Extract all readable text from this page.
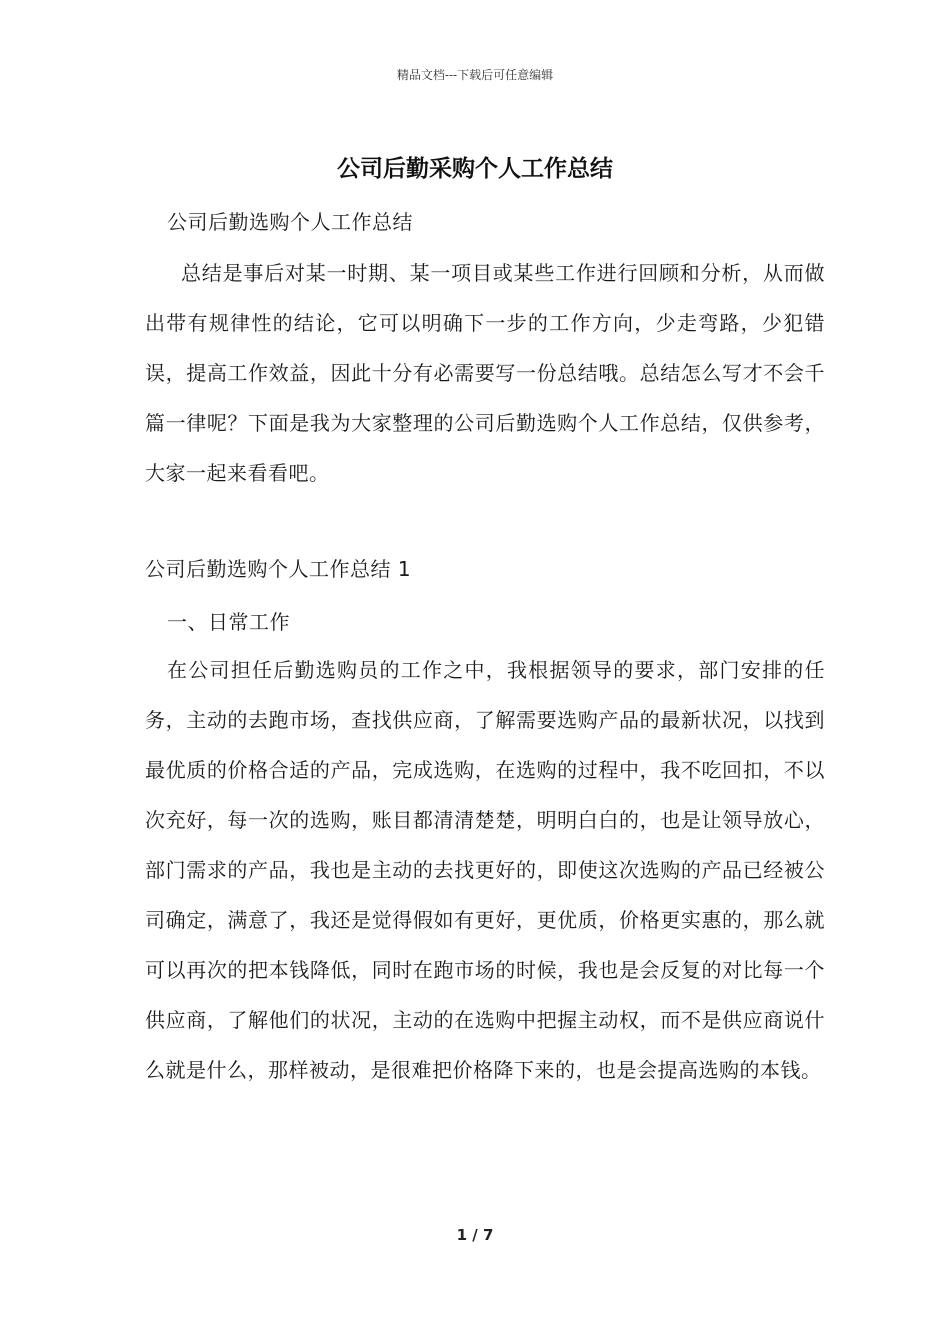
精品文档---下载后可任意编辑
公司后勤采购个人工作总结
公司后勤选购个人工作总结
总结是事后对某一时期、某一项目或某些工作进行回顾和分析，从而做出带有规律性的结论，它可以明确下一步的工作方向，少走弯路，少犯错误，提高工作效益，因此十分有必需要写一份总结哦。总结怎么写才不会千篇一律呢？下面是我为大家整理的公司后勤选购个人工作总结，仅供参考，大家一起来看看吧。
公司后勤选购个人工作总结 1
一、日常工作
在公司担任后勤选购员的工作之中，我根据领导的要求，部门安排的任务，主动的去跑市场，查找供应商，了解需要选购产品的最新状况，以找到最优质的价格合适的产品，完成选购，在选购的过程中，我不吃回扣，不以次充好，每一次的选购，账目都清清楚楚，明明白白的，也是让领导放心，部门需求的产品，我也是主动的去找更好的，即使这次选购的产品已经被公司确定，满意了，我还是觉得假如有更好，更优质，价格更实惠的，那么就可以再次的把本钱降低，同时在跑市场的时候，我也是会反复的对比每一个供应商，了解他们的状况，主动的在选购中把握主动权，而不是供应商说什么就是什么，那样被动，是很难把价格降下来的，也是会提高选购的本钱。
1 / 7
